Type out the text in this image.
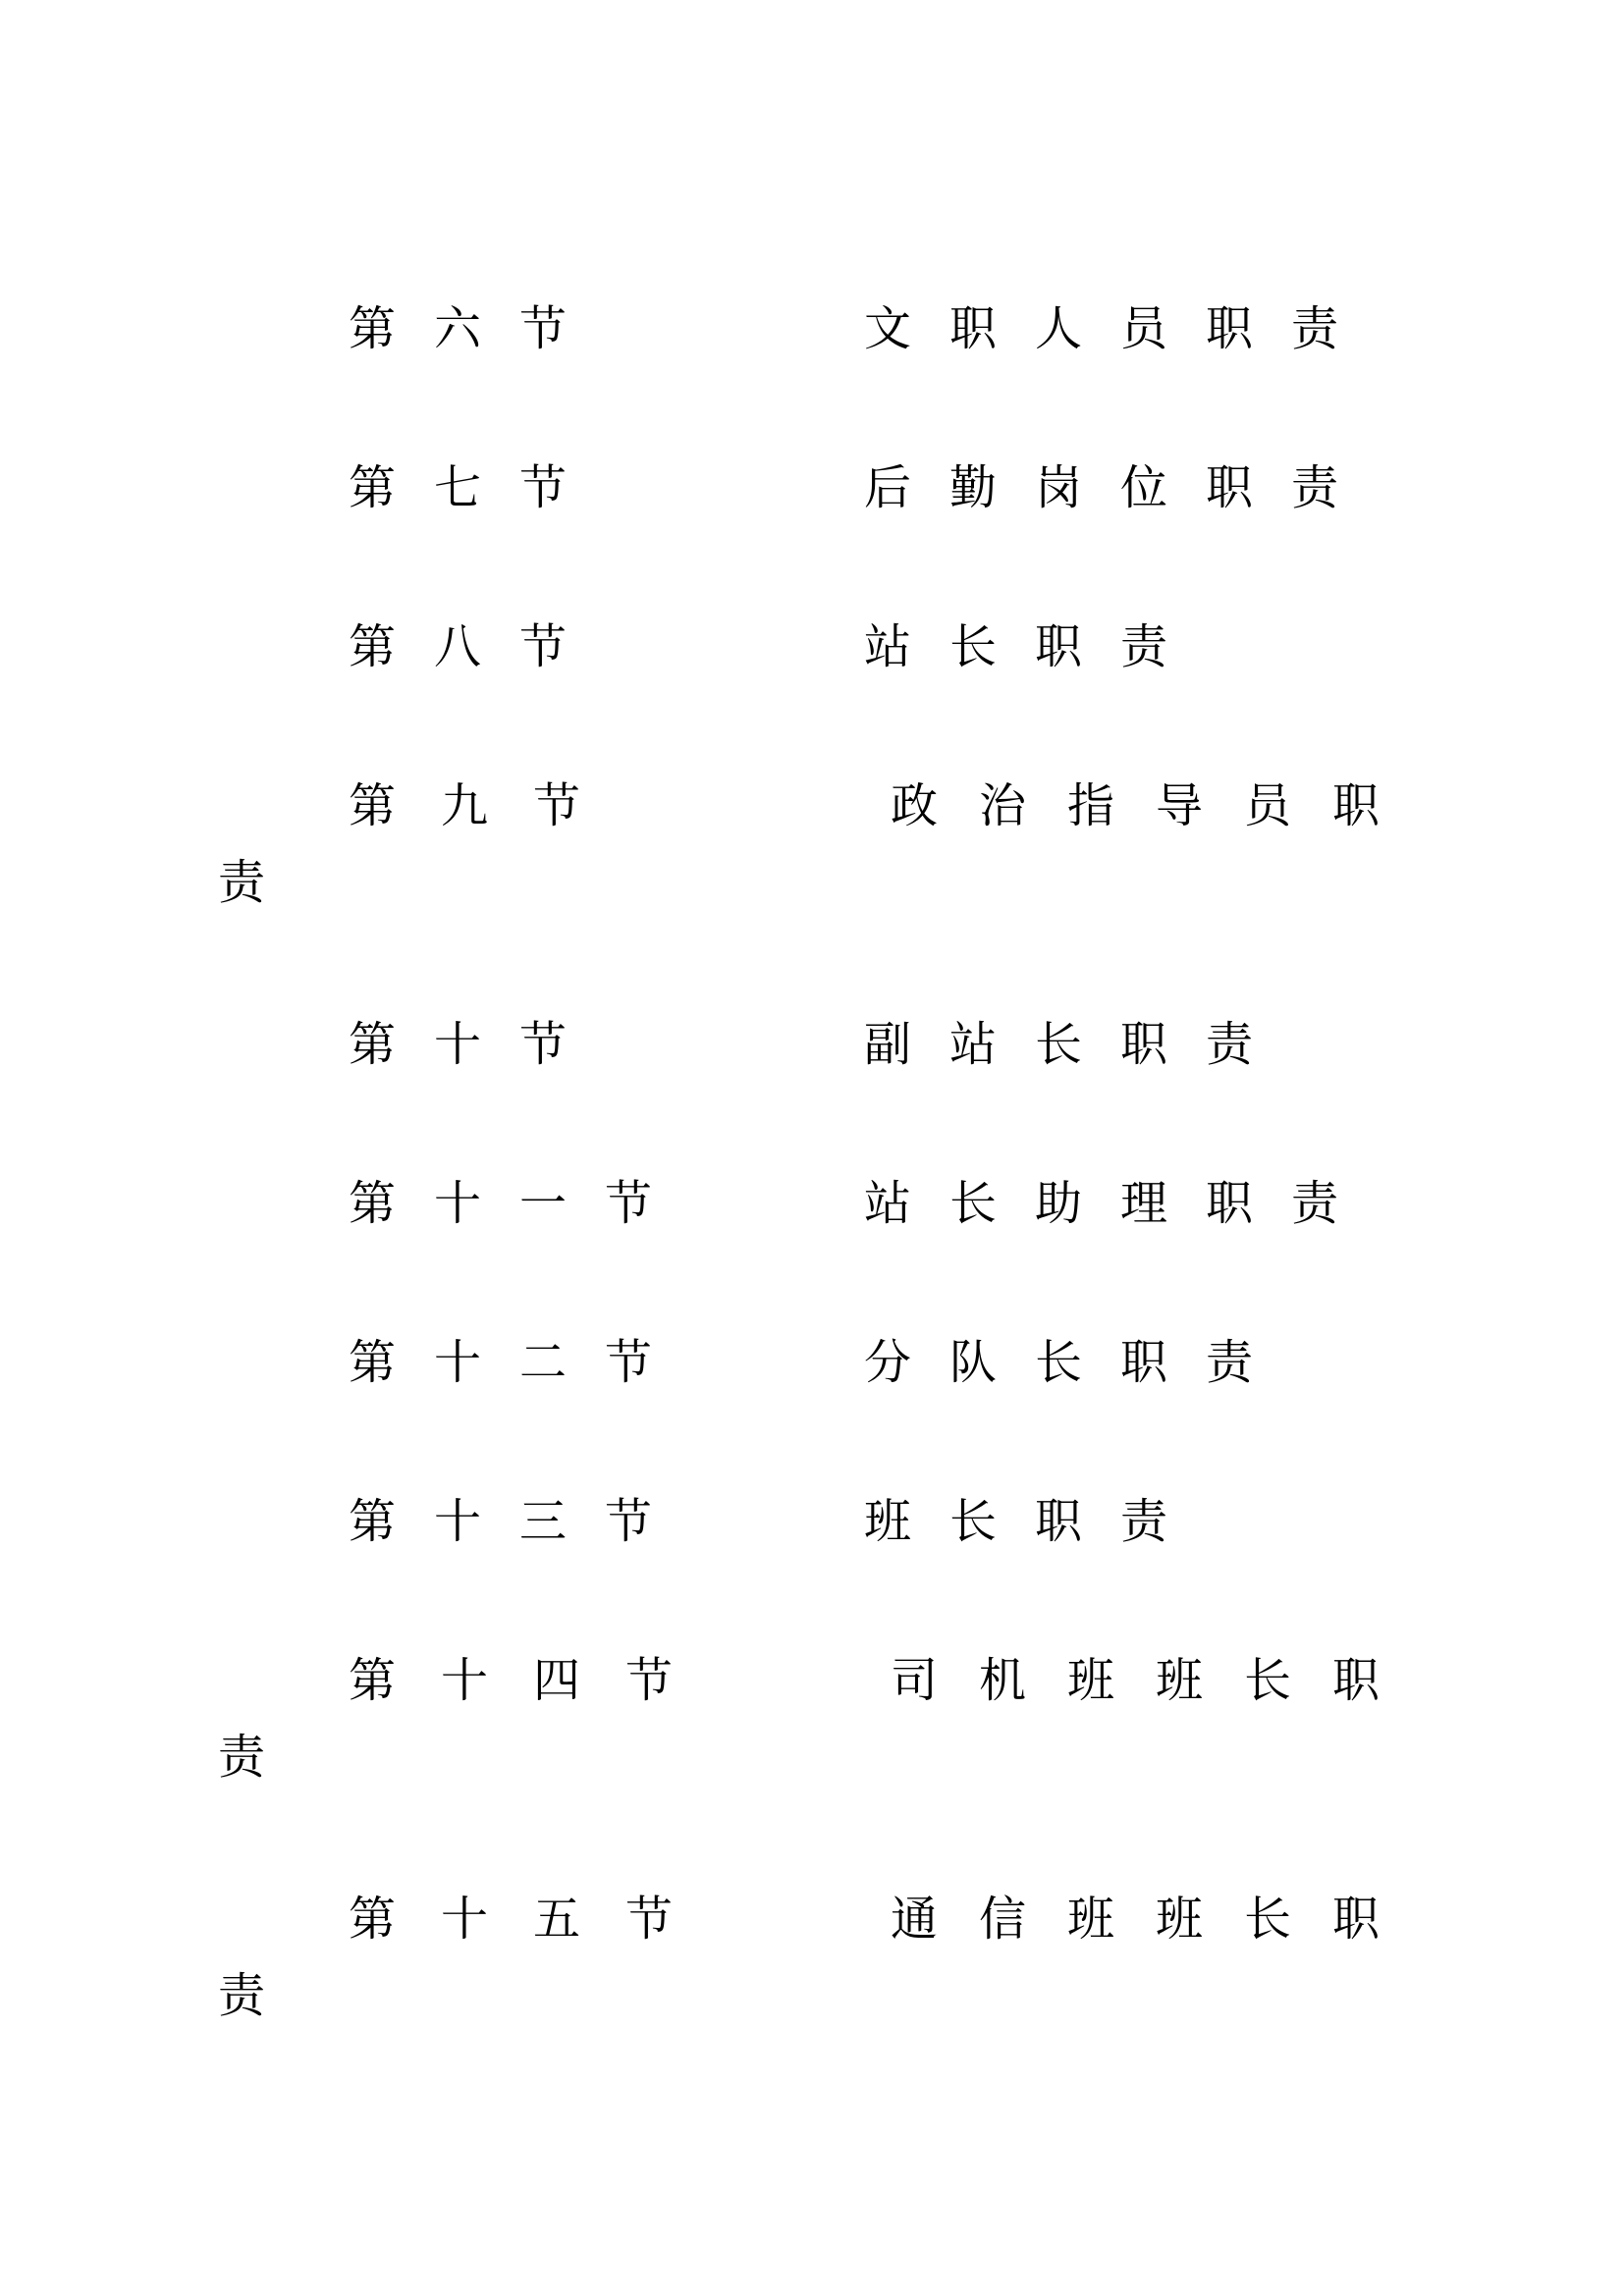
第六节	文职人员职责
第七节	后勤岗位职责
第八节	站长职责
第九节	政治指导员职
责
第十节	副站长职责
第十一节	站长助理职责
第十二节	分队长职责
第十三节	班长职责
第十四节	司机班班长职
责
第十五节	通信班班长职
责
